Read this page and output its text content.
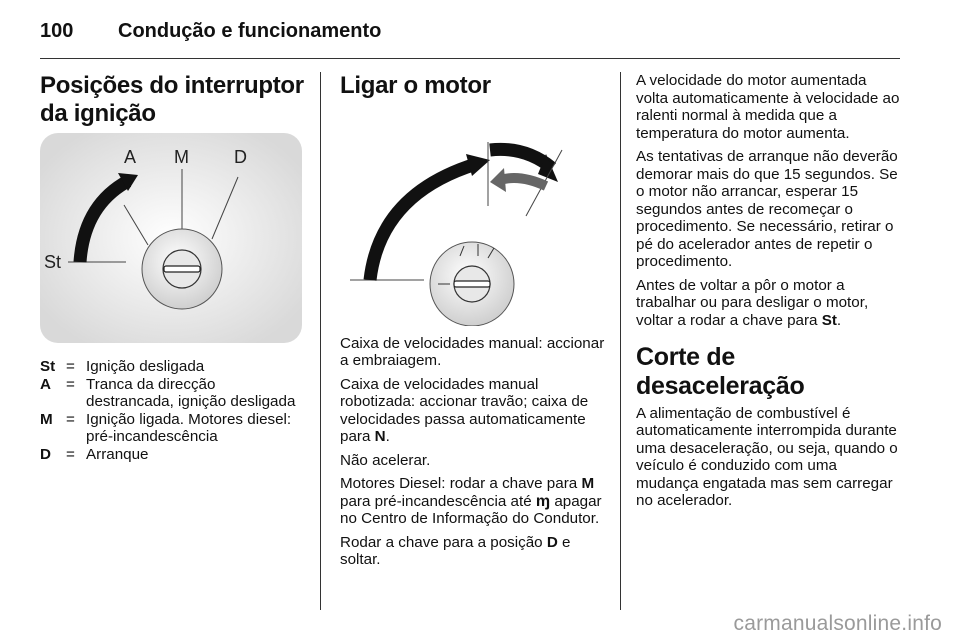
100 Condução e funcionamento
Posições do interruptor da ignição
A M	D
St
St = Ignição desligada
A = Tranca da direcção destrancada, ignição desligada
M = Ignição ligada. Motores diesel: pré-incandescência
D = Arranque
Ligar o motor

Caixa de velocidades manual: accionar a embraiagem.

Caixa de velocidades manual robotizada: accionar travão; caixa de velocidades passa automaticamente para N.

Não acelerar.

Motores Diesel: rodar a chave para M para pré-incandescência até ɱ apagar no Centro de Informação do Condutor.

Rodar a chave para a posição D e soltar.

A velocidade do motor aumentada volta automaticamente à velocidade ao ralenti normal à medida que a temperatura do motor aumenta.

As tentativas de arranque não deverão demorar mais do que 15 segundos. Se o motor não arrancar, esperar 15 segundos antes de recomeçar o procedimento. Se necessário, retirar o pé do acelerador antes de repetir o procedimento.

Antes de voltar a pôr o motor a trabalhar ou para desligar o motor, voltar a rodar a chave para St.

Corte de desaceleração

A alimentação de combustível é automaticamente interrompida durante uma desaceleração, ou seja, quando o veículo é conduzido com uma mudança engatada mas sem carregar no acelerador.

carmanualsonline.info
